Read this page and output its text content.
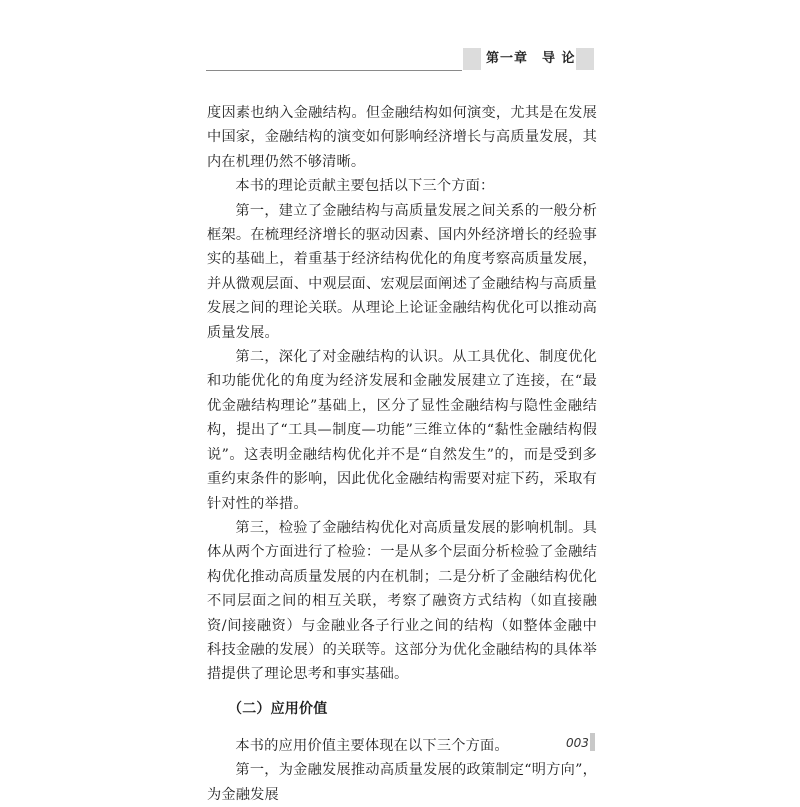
第一章　导 论

度因素也纳入金融结构。但金融结构如何演变，尤其是在发展中国家，金融结构的演变如何影响经济增长与高质量发展，其内在机理仍然不够清晰。

本书的理论贡献主要包括以下三个方面：

第一，建立了金融结构与高质量发展之间关系的一般分析框架。在梳理经济增长的驱动因素、国内外经济增长的经验事实的基础上，着重基于经济结构优化的角度考察高质量发展，并从微观层面、中观层面、宏观层面阐述了金融结构与高质量发展之间的理论关联。从理论上论证金融结构优化可以推动高质量发展。

第二，深化了对金融结构的认识。从工具优化、制度优化和功能优化的角度为经济发展和金融发展建立了连接，在“最优金融结构理论”基础上，区分了显性金融结构与隐性金融结构，提出了“工具—制度—功能”三维立体的“黏性金融结构假说”。这表明金融结构优化并不是“自然发生”的，而是受到多重约束条件的影响，因此优化金融结构需要对症下药，采取有针对性的举措。

第三，检验了金融结构优化对高质量发展的影响机制。具体从两个方面进行了检验：一是从多个层面分析检验了金融结构优化推动高质量发展的内在机制；二是分析了金融结构优化不同层面之间的相互关联，考察了融资方式结构（如直接融资/间接融资）与金融业各子行业之间的结构（如整体金融中科技金融的发展）的关联等。这部分为优化金融结构的具体举措提供了理论思考和事实基础。

（二）应用价值

本书的应用价值主要体现在以下三个方面。

第一，为金融发展推动高质量发展的政策制定“明方向”，为金融发展

003
